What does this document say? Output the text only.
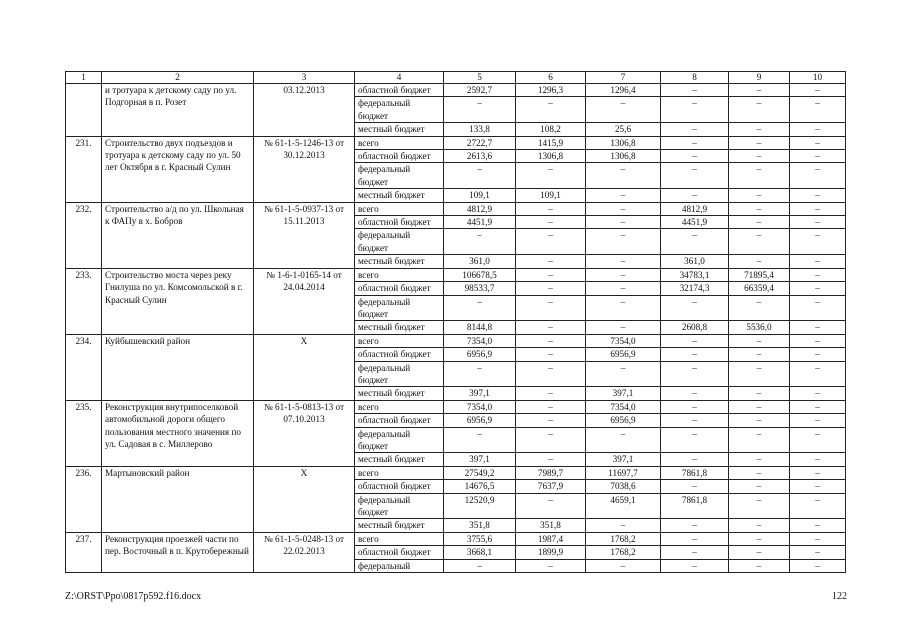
1	2	3	4	5	6	7	8	9	10
	и тротуара к детскому саду по ул. Подгорная в п. Розет	03.12.2013	областной бюджет	2592,7	1296,3	1296,4	–	–	–
			федеральный бюджет	–	–	–	–	–	–
			местный бюджет	133,8	108,2	25,6	–	–	–
231.	Строительство двух подъездов и тротуара к детскому саду по ул. 50 лет Октября в г. Красный Сулин	№ 61-1-5-1246-13 от 30.12.2013	всего	2722,7	1415,9	1306,8	–	–	–
			областной бюджет	2613,6	1306,8	1306,8	–	–	–
			федеральный бюджет	–	–	–	–	–	–
			местный бюджет	109,1	109,1	–	–	–	–
232.	Строительство а/д по ул. Школьная к ФАПу в х. Бобров	№ 61-1-5-0937-13 от 15.11.2013	всего	4812,9	–	–	4812,9	–	–
			областной бюджет	4451,9	–	–	4451,9	–	–
			федеральный бюджет	–	–	–	–	–	–
			местный бюджет	361,0	–	–	361,0	–	–
233.	Строительство моста через реку Гнилуша по ул. Комсомольской в г. Красный Сулин	№ 1-6-1-0165-14 от 24.04.2014	всего	106678,5	–	–	34783,1	71895,4	–
			областной бюджет	98533,7	–	–	32174,3	66359,4	–
			федеральный бюджет	–	–	–	–	–	–
			местный бюджет	8144,8	–	–	2608,8	5536,0	–
234.	Куйбышевский район	Х	всего	7354,0	–	7354,0	–	–	–
			областной бюджет	6956,9	–	6956,9	–	–	–
			федеральный бюджет	–	–	–	–	–	–
			местный бюджет	397,1	–	397,1	–	–	–
235.	Реконструкция внутрипоселковой автомобильной дороги общего пользования местного значения по ул. Садовая в с. Миллерово	№ 61-1-5-0813-13 от 07.10.2013	всего	7354,0	–	7354,0	–	–	–
			областной бюджет	6956,9	–	6956,9	–	–	–
			федеральный бюджет	–	–	–	–	–	–
			местный бюджет	397,1	–	397,1	–	–	–
236.	Мартыновский район	Х	всего	27549,2	7989,7	11697,7	7861,8	–	–
			областной бюджет	14676,5	7637,9	7038,6	–	–	–
			федеральный бюджет	12520,9	–	4659,1	7861,8	–	–
			местный бюджет	351,8	351,8	–	–	–	–
237.	Реконструкция проезжей части по пер. Восточный в п. Крутобережный	№ 61-1-5-0248-13 от 22.02.2013	всего	3755,6	1987,4	1768,2	–	–	–
			областной бюджет	3668,1	1899,9	1768,2	–	–	–
			федеральный	–	–	–	–	–	–
Z:\ORST\Ppo\0817p592.f16.docx	122
